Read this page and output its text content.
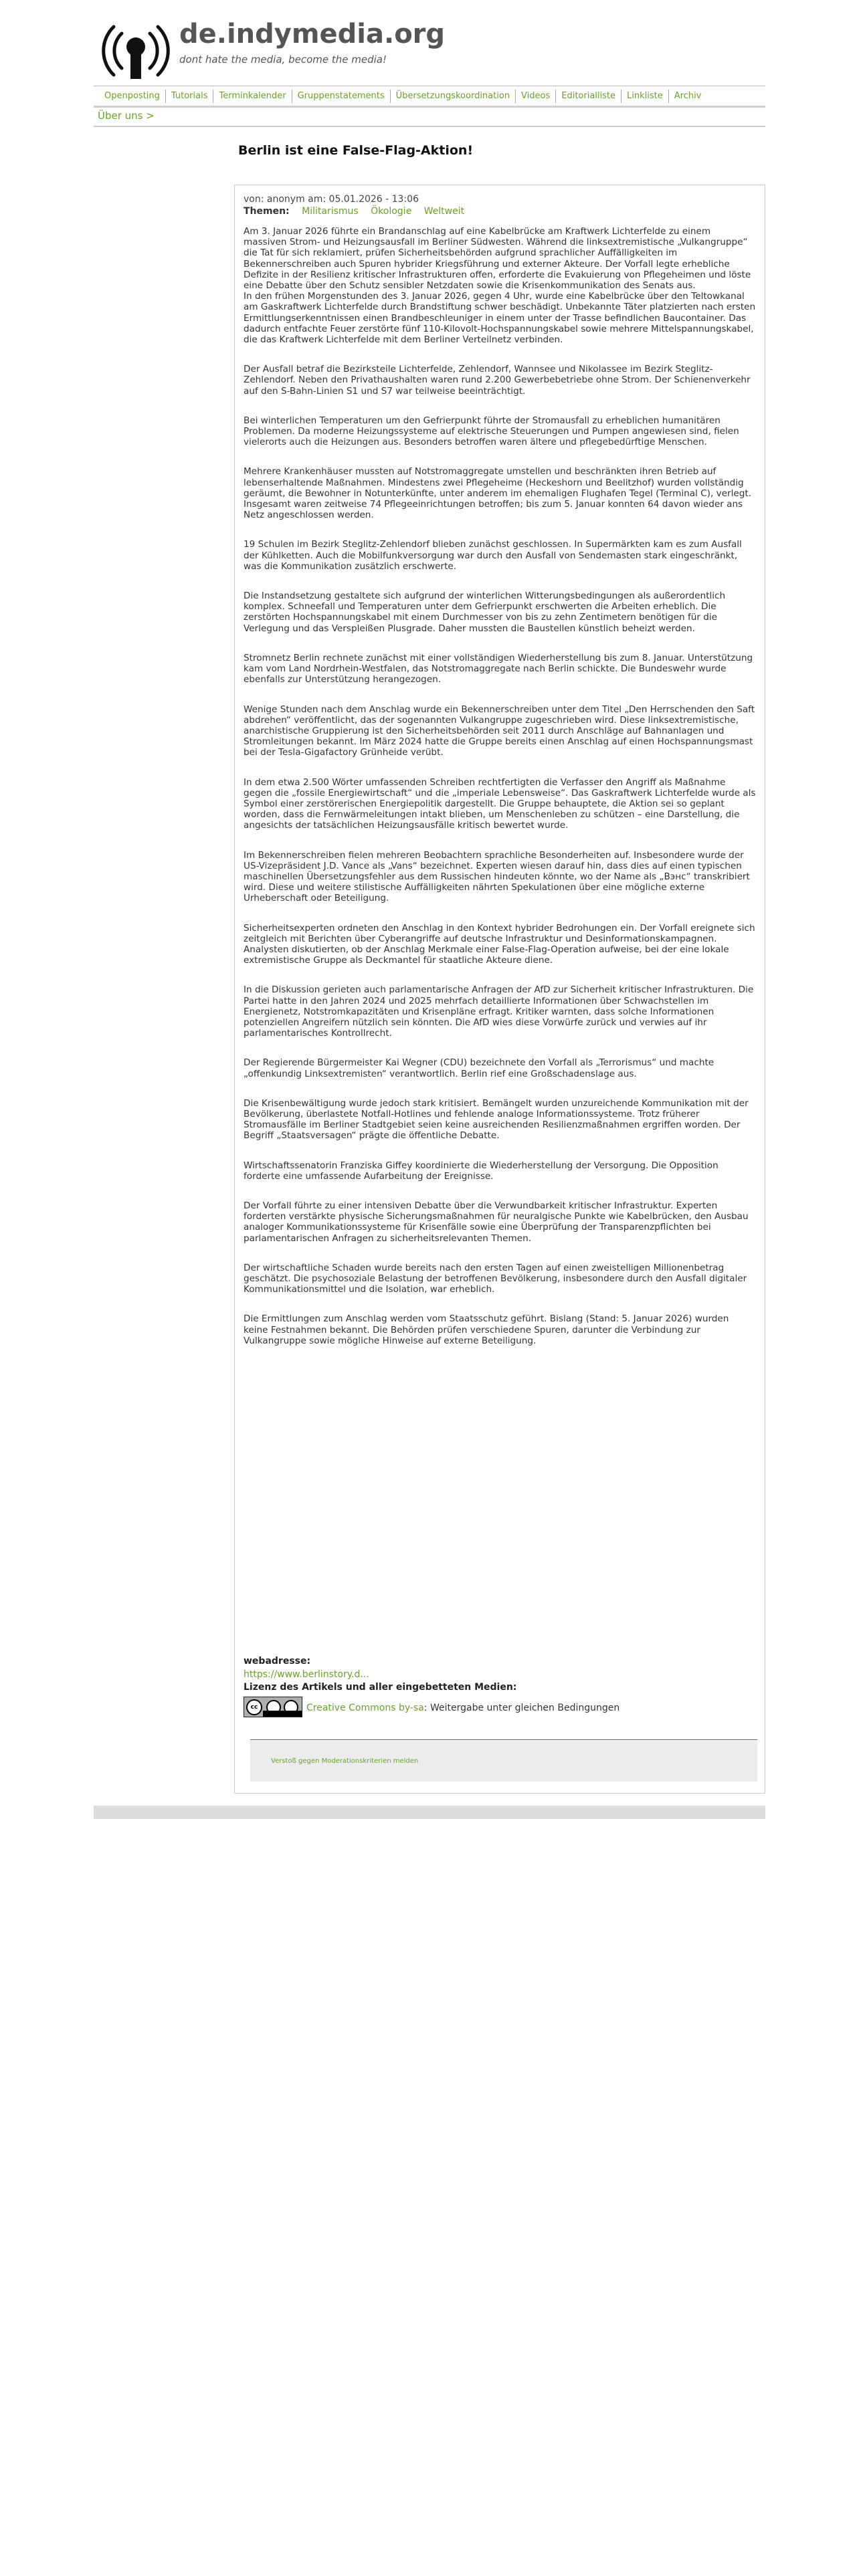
de.indymedia.org
dont hate the media, become the media!
Openposting	Tutorials	Terminkalender	Gruppenstatements	Übersetzungskoordination	Videos	Editorialliste	Linkliste	Archiv
Über uns >
Berlin ist eine False-Flag-Aktion!
von: anonym am: 05.01.2026 - 13:06
Themen: Militarismus Ökologie Weltweit

Am 3. Januar 2026 führte ein Brandanschlag auf eine Kabelbrücke am Kraftwerk Lichterfelde zu einem massiven Strom- und Heizungsausfall im Berliner Südwesten. Während die linksextremistische „Vulkangruppe“ die Tat für sich reklamiert, prüfen Sicherheitsbehörden aufgrund sprachlicher Auffälligkeiten im Bekennerschreiben auch Spuren hybrider Kriegsführung und externer Akteure. Der Vorfall legte erhebliche Defizite in der Resilienz kritischer Infrastrukturen offen, erforderte die Evakuierung von Pflegeheimen und löste eine Debatte über den Schutz sensibler Netzdaten sowie die Krisenkommunikation des Senats aus.

In den frühen Morgenstunden des 3. Januar 2026, gegen 4 Uhr, wurde eine Kabelbrücke über den Teltowkanal am Gaskraftwerk Lichterfelde durch Brandstiftung schwer beschädigt. Unbekannte Täter platzierten nach ersten Ermittlungserkenntnissen einen Brandbeschleuniger in einem unter der Trasse befindlichen Baucontainer. Das dadurch entfachte Feuer zerstörte fünf 110-Kilovolt-Hochspannungskabel sowie mehrere Mittelspannungskabel, die das Kraftwerk Lichterfelde mit dem Berliner Verteilnetz verbinden.

Der Ausfall betraf die Bezirksteile Lichterfelde, Zehlendorf, Wannsee und Nikolassee im Bezirk Steglitz-Zehlendorf. Neben den Privathaushalten waren rund 2.200 Gewerbebetriebe ohne Strom. Der Schienenverkehr auf den S-Bahn-Linien S1 und S7 war teilweise beeinträchtigt.

Bei winterlichen Temperaturen um den Gefrierpunkt führte der Stromausfall zu erheblichen humanitären Problemen. Da moderne Heizungssysteme auf elektrische Steuerungen und Pumpen angewiesen sind, fielen vielerorts auch die Heizungen aus. Besonders betroffen waren ältere und pflegebedürftige Menschen.

Mehrere Krankenhäuser mussten auf Notstromaggregate umstellen und beschränkten ihren Betrieb auf lebenserhaltende Maßnahmen. Mindestens zwei Pflegeheime (Heckeshorn und Beelitzhof) wurden vollständig geräumt, die Bewohner in Notunterkünfte, unter anderem im ehemaligen Flughafen Tegel (Terminal C), verlegt. Insgesamt waren zeitweise 74 Pflegeeinrichtungen betroffen; bis zum 5. Januar konnten 64 davon wieder ans Netz angeschlossen werden.

19 Schulen im Bezirk Steglitz-Zehlendorf blieben zunächst geschlossen. In Supermärkten kam es zum Ausfall der Kühlketten. Auch die Mobilfunkversorgung war durch den Ausfall von Sendemasten stark eingeschränkt, was die Kommunikation zusätzlich erschwerte.

Die Instandsetzung gestaltete sich aufgrund der winterlichen Witterungsbedingungen als außerordentlich komplex. Schneefall und Temperaturen unter dem Gefrierpunkt erschwerten die Arbeiten erheblich. Die zerstörten Hochspannungskabel mit einem Durchmesser von bis zu zehn Zentimetern benötigen für die Verlegung und das Verspleißen Plusgrade. Daher mussten die Baustellen künstlich beheizt werden.

Stromnetz Berlin rechnete zunächst mit einer vollständigen Wiederherstellung bis zum 8. Januar. Unterstützung kam vom Land Nordrhein-Westfalen, das Notstromaggregate nach Berlin schickte. Die Bundeswehr wurde ebenfalls zur Unterstützung herangezogen.

Wenige Stunden nach dem Anschlag wurde ein Bekennerschreiben unter dem Titel „Den Herrschenden den Saft abdrehen“ veröffentlicht, das der sogenannten Vulkangruppe zugeschrieben wird. Diese linksextremistische, anarchistische Gruppierung ist den Sicherheitsbehörden seit 2011 durch Anschläge auf Bahnanlagen und Stromleitungen bekannt. Im März 2024 hatte die Gruppe bereits einen Anschlag auf einen Hochspannungsmast bei der Tesla-Gigafactory Grünheide verübt.

In dem etwa 2.500 Wörter umfassenden Schreiben rechtfertigten die Verfasser den Angriff als Maßnahme gegen die „fossile Energiewirtschaft“ und die „imperiale Lebensweise“. Das Gaskraftwerk Lichterfelde wurde als Symbol einer zerstörerischen Energiepolitik dargestellt. Die Gruppe behauptete, die Aktion sei so geplant worden, dass die Fernwärmeleitungen intakt blieben, um Menschenleben zu schützen – eine Darstellung, die angesichts der tatsächlichen Heizungsausfälle kritisch bewertet wurde.

Im Bekennerschreiben fielen mehreren Beobachtern sprachliche Besonderheiten auf. Insbesondere wurde der US-Vizepräsident J.D. Vance als „Vans“ bezeichnet. Experten wiesen darauf hin, dass dies auf einen typischen maschinellen Übersetzungsfehler aus dem Russischen hindeuten könnte, wo der Name als „Вэнс“ transkribiert wird. Diese und weitere stilistische Auffälligkeiten nährten Spekulationen über eine mögliche externe Urheberschaft oder Beteiligung.

Sicherheitsexperten ordneten den Anschlag in den Kontext hybrider Bedrohungen ein. Der Vorfall ereignete sich zeitgleich mit Berichten über Cyberangriffe auf deutsche Infrastruktur und Desinformationskampagnen. Analysten diskutierten, ob der Anschlag Merkmale einer False-Flag-Operation aufweise, bei der eine lokale extremistische Gruppe als Deckmantel für staatliche Akteure diene.

In die Diskussion gerieten auch parlamentarische Anfragen der AfD zur Sicherheit kritischer Infrastrukturen. Die Partei hatte in den Jahren 2024 und 2025 mehrfach detaillierte Informationen über Schwachstellen im Energienetz, Notstromkapazitäten und Krisenpläne erfragt. Kritiker warnten, dass solche Informationen potenziellen Angreifern nützlich sein könnten. Die AfD wies diese Vorwürfe zurück und verwies auf ihr parlamentarisches Kontrollrecht.

Der Regierende Bürgermeister Kai Wegner (CDU) bezeichnete den Vorfall als „Terrorismus“ und machte „offenkundig Linksextremisten“ verantwortlich. Berlin rief eine Großschadenslage aus.

Die Krisenbewältigung wurde jedoch stark kritisiert. Bemängelt wurden unzureichende Kommunikation mit der Bevölkerung, überlastete Notfall-Hotlines und fehlende analoge Informationssysteme. Trotz früherer Stromausfälle im Berliner Stadtgebiet seien keine ausreichenden Resilienzmaßnahmen ergriffen worden. Der Begriff „Staatsversagen“ prägte die öffentliche Debatte.

Wirtschaftssenatorin Franziska Giffey koordinierte die Wiederherstellung der Versorgung. Die Opposition forderte eine umfassende Aufarbeitung der Ereignisse.

Der Vorfall führte zu einer intensiven Debatte über die Verwundbarkeit kritischer Infrastruktur. Experten forderten verstärkte physische Sicherungsmaßnahmen für neuralgische Punkte wie Kabelbrücken, den Ausbau analoger Kommunikationssysteme für Krisenfälle sowie eine Überprüfung der Transparenzpflichten bei parlamentarischen Anfragen zu sicherheitsrelevanten Themen.

Der wirtschaftliche Schaden wurde bereits nach den ersten Tagen auf einen zweistelligen Millionenbetrag geschätzt. Die psychosoziale Belastung der betroffenen Bevölkerung, insbesondere durch den Ausfall digitaler Kommunikationsmittel und die Isolation, war erheblich.

Die Ermittlungen zum Anschlag werden vom Staatsschutz geführt. Bislang (Stand: 5. Januar 2026) wurden keine Festnahmen bekannt. Die Behörden prüfen verschiedene Spuren, darunter die Verbindung zur Vulkangruppe sowie mögliche Hinweise auf externe Beteiligung.

webadresse:
https://www.berlinstory.d...
Lizenz des Artikels und aller eingebetteten Medien:
cc	Creative Commons by-sa: Weitergabe unter gleichen Bedingungen
Verstoß gegen Moderationskriterien melden
